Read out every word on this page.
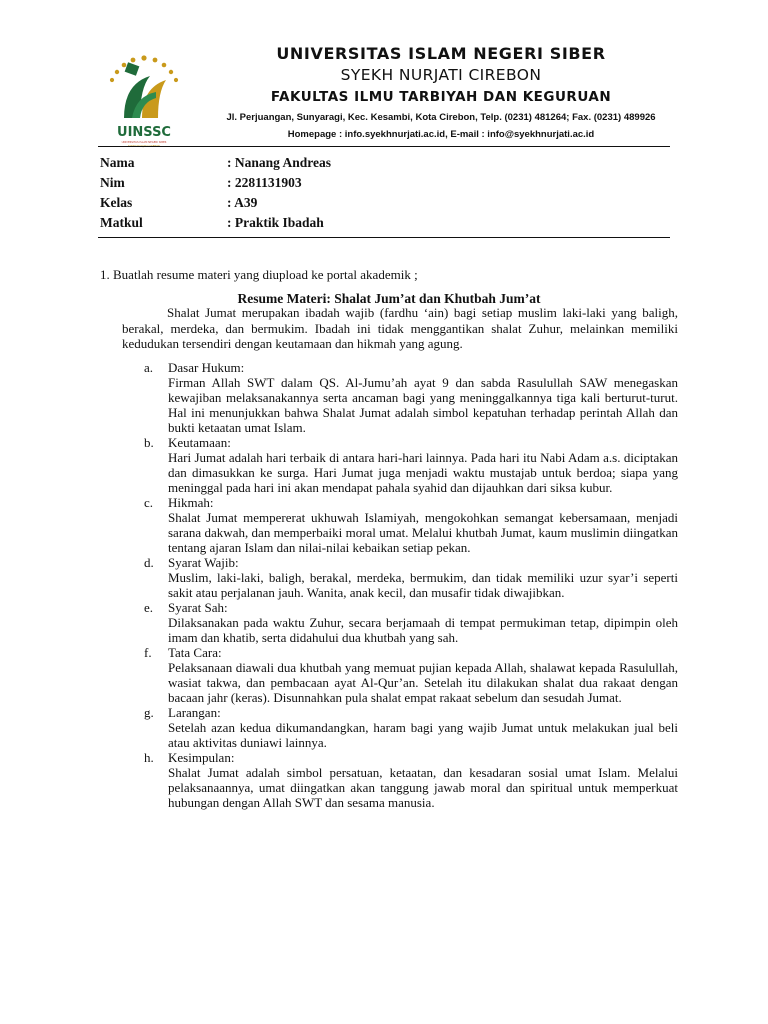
UINSSC
UNIVERSITAS ISLAM NEGERI SIBER
SYEKH NURJATI CIREBON
UNIVERSITAS ISLAM NEGERI SIBER
SYEKH NURJATI CIREBON
FAKULTAS ILMU TARBIYAH DAN KEGURUAN
Jl. Perjuangan, Sunyaragi, Kec. Kesambi, Kota Cirebon, Telp. (0231) 481264; Fax. (0231) 489926
Homepage : info.syekhnurjati.ac.id, E-mail : info@syekhnurjati.ac.id
Nama	: Nanang Andreas
Nim	: 2281131903
Kelas	: A39
Matkul	: Praktik Ibadah
1. Buatlah resume materi yang diupload ke portal akademik ;
Resume Materi: Shalat Jum’at dan Khutbah Jum’at
Shalat Jumat merupakan ibadah wajib (fardhu ‘ain) bagi setiap muslim laki-laki yang baligh, berakal, merdeka, dan bermukim. Ibadah ini tidak menggantikan shalat Zuhur, melainkan memiliki kedudukan tersendiri dengan keutamaan dan hikmah yang agung.
a.	Dasar Hukum:
Firman Allah SWT dalam QS. Al-Jumu’ah ayat 9 dan sabda Rasulullah SAW menegaskan kewajiban melaksanakannya serta ancaman bagi yang meninggalkannya tiga kali berturut-turut. Hal ini menunjukkan bahwa Shalat Jumat adalah simbol kepatuhan terhadap perintah Allah dan bukti ketaatan umat Islam.
b.	Keutamaan:
Hari Jumat adalah hari terbaik di antara hari-hari lainnya. Pada hari itu Nabi Adam a.s. diciptakan dan dimasukkan ke surga. Hari Jumat juga menjadi waktu mustajab untuk berdoa; siapa yang meninggal pada hari ini akan mendapat pahala syahid dan dijauhkan dari siksa kubur.
c.	Hikmah:
Shalat Jumat mempererat ukhuwah Islamiyah, mengokohkan semangat kebersamaan, menjadi sarana dakwah, dan memperbaiki moral umat. Melalui khutbah Jumat, kaum muslimin diingatkan tentang ajaran Islam dan nilai-nilai kebaikan setiap pekan.
d.	Syarat Wajib:
Muslim, laki-laki, baligh, berakal, merdeka, bermukim, dan tidak memiliki uzur syar’i seperti sakit atau perjalanan jauh. Wanita, anak kecil, dan musafir tidak diwajibkan.
e.	Syarat Sah:
Dilaksanakan pada waktu Zuhur, secara berjamaah di tempat permukiman tetap, dipimpin oleh imam dan khatib, serta didahului dua khutbah yang sah.
f.	Tata Cara:
Pelaksanaan diawali dua khutbah yang memuat pujian kepada Allah, shalawat kepada Rasulullah, wasiat takwa, dan pembacaan ayat Al-Qur’an. Setelah itu dilakukan shalat dua rakaat dengan bacaan jahr (keras). Disunnahkan pula shalat empat rakaat sebelum dan sesudah Jumat.
g.	Larangan:
Setelah azan kedua dikumandangkan, haram bagi yang wajib Jumat untuk melakukan jual beli atau aktivitas duniawi lainnya.
h.	Kesimpulan:
Shalat Jumat adalah simbol persatuan, ketaatan, dan kesadaran sosial umat Islam. Melalui pelaksanaannya, umat diingatkan akan tanggung jawab moral dan spiritual untuk memperkuat hubungan dengan Allah SWT dan sesama manusia.
